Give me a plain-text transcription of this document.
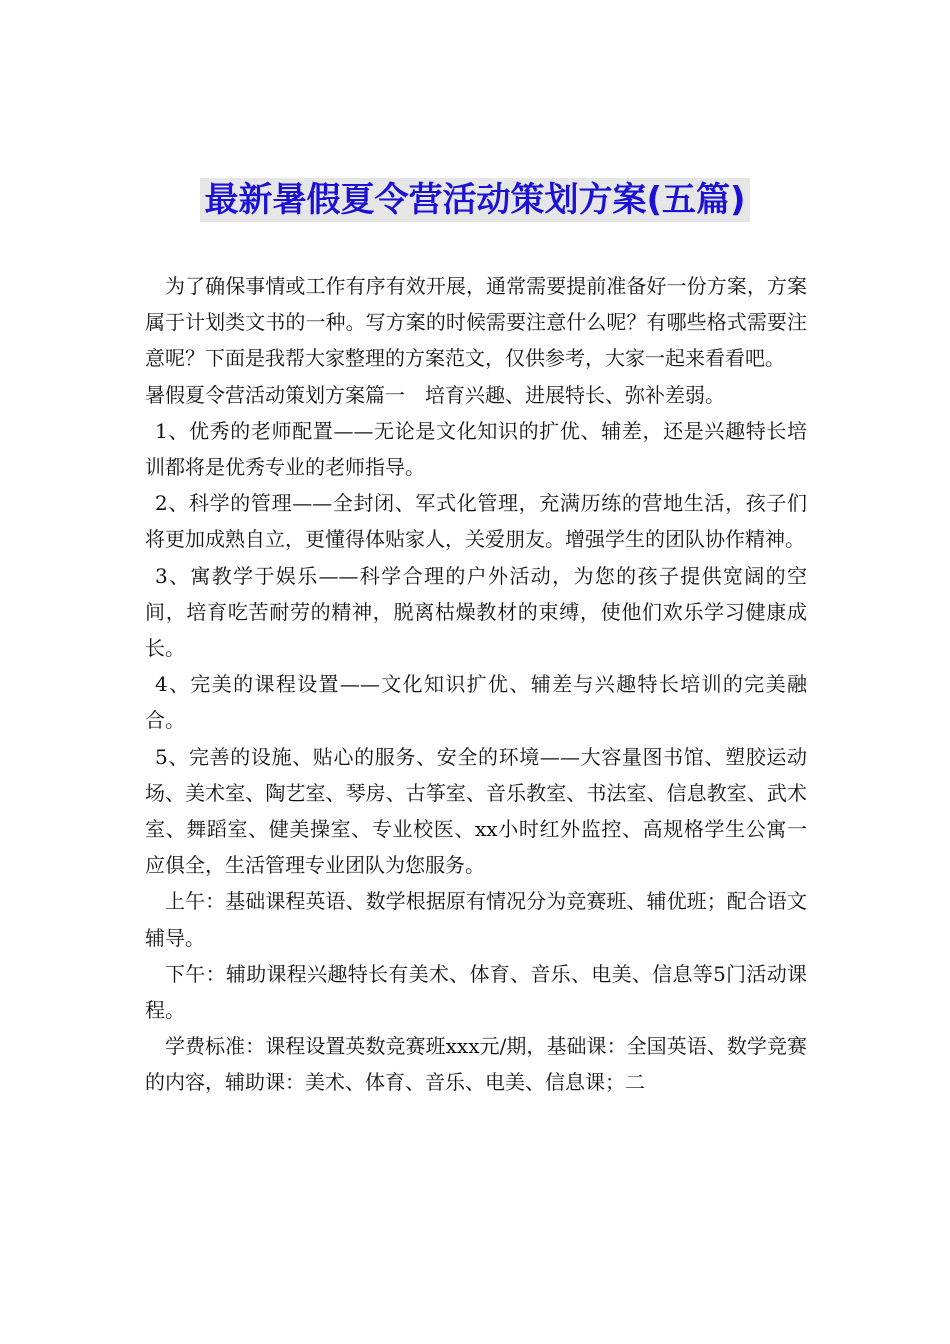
最新暑假夏令营活动策划方案(五篇)

为了确保事情或工作有序有效开展，通常需要提前准备好一份方案，方案属于计划类文书的一种。写方案的时候需要注意什么呢？有哪些格式需要注意呢？下面是我帮大家整理的方案范文，仅供参考，大家一起来看看吧。

暑假夏令营活动策划方案篇一　培育兴趣、进展特长、弥补差弱。

1、优秀的老师配置——无论是文化知识的扩优、辅差，还是兴趣特长培训都将是优秀专业的老师指导。

2、科学的管理——全封闭、军式化管理，充满历练的营地生活，孩子们将更加成熟自立，更懂得体贴家人，关爱朋友。增强学生的团队协作精神。

3、寓教学于娱乐——科学合理的户外活动，为您的孩子提供宽阔的空间，培育吃苦耐劳的精神，脱离枯燥教材的束缚，使他们欢乐学习健康成长。

4、完美的课程设置——文化知识扩优、辅差与兴趣特长培训的完美融合。

5、完善的设施、贴心的服务、安全的环境——大容量图书馆、塑胶运动场、美术室、陶艺室、琴房、古筝室、音乐教室、书法室、信息教室、武术室、舞蹈室、健美操室、专业校医、xx小时红外监控、高规格学生公寓一应俱全，生活管理专业团队为您服务。

上午：基础课程英语、数学根据原有情况分为竞赛班、辅优班；配合语文辅导。

下午：辅助课程兴趣特长有美术、体育、音乐、电美、信息等5门活动课程。

学费标准：课程设置英数竞赛班xxx元/期，基础课：全国英语、数学竞赛的内容，辅助课：美术、体育、音乐、电美、信息课；二
